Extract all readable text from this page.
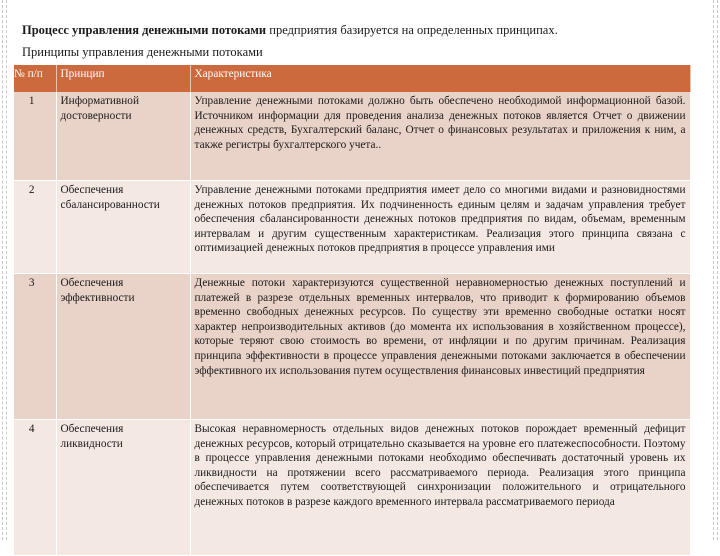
Процесс управления денежными потоками предприятия базируется на определенных принципах.

Принципы управления денежными потоками

№ п/п	Принцип	Характеристика
1	Информативной достоверности	Управление денежными потоками должно быть обеспечено необходимой информационной базой. Источником информации для проведения анализа денежных потоков является Отчет о движении денежных средств, Бухгалтерский баланс, Отчет о финансовых результатах и приложения к ним, а также регистры бухгалтерского учета..
2	Обеспечения сбалансированности	Управление денежными потоками предприятия имеет дело со многими видами и разновидностями денежных потоков предприятия. Их подчиненность единым целям и задачам управления требует обеспечения сбалансированности денежных потоков предприятия по видам, объемам, временным интервалам и другим существенным характеристикам. Реализация этого принципа связана с оптимизацией денежных потоков предприятия в процессе управления ими
3	Обеспечения эффективности	Денежные потоки характеризуются существенной неравномерностью денежных поступлений и платежей в разрезе отдельных временных интервалов, что приводит к формированию объемов временно свободных денежных ресурсов. По существу эти временно свободные остатки носят характер непроизводительных активов (до момента их использования в хозяйственном процессе), которые теряют свою стоимость во времени, от инфляции и по другим причинам. Реализация принципа эффективности в процессе управления денежными потоками заключается в обеспечении эффективного их использования путем осуществления финансовых инвестиций предприятия
4	Обеспечения ликвидности	Высокая неравномерность отдельных видов денежных потоков порождает временный дефицит денежных ресурсов, который отрицательно сказывается на уровне его платежеспособности. Поэтому в процессе управления денежными потоками необходимо обеспечивать достаточный уровень их ликвидности на протяжении всего рассматриваемого периода. Реализация этого принципа обеспечивается путем соответствующей синхронизации положительного и отрицательного денежных потоков в разрезе каждого временного интервала рассматриваемого периода
